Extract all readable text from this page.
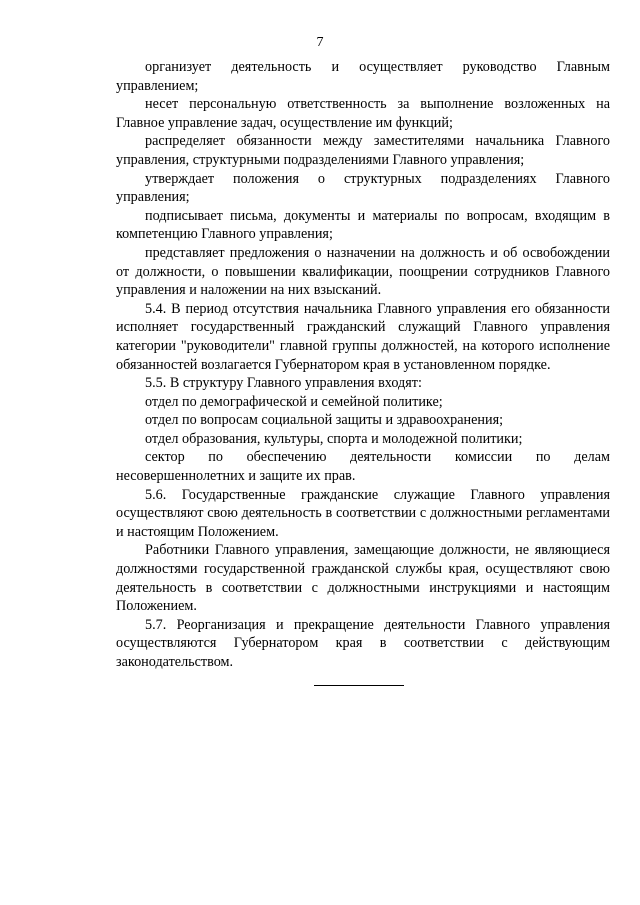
7

организует деятельность и осуществляет руководство Главным управлением;

несет персональную ответственность за выполнение возложенных на Главное управление задач, осуществление им функций;

распределяет обязанности между заместителями начальника Главного управления, структурными подразделениями Главного управления;

утверждает положения о структурных подразделениях Главного управления;

подписывает письма, документы и материалы по вопросам, входящим в компетенцию Главного управления;

представляет предложения о назначении на должность и об освобождении от должности, о повышении квалификации, поощрении сотрудников Главного управления и наложении на них взысканий.

5.4. В период отсутствия начальника Главного управления его обязанности исполняет государственный гражданский служащий Главного управления категории "руководители" главной группы должностей, на которого исполнение обязанностей возлагается Губернатором края в установленном порядке.

5.5. В структуру Главного управления входят:

отдел по демографической и семейной политике;

отдел по вопросам социальной защиты и здравоохранения;

отдел образования, культуры, спорта и молодежной политики;

сектор по обеспечению деятельности комиссии по делам несовершеннолетних и защите их прав.

5.6. Государственные гражданские служащие Главного управления осуществляют свою деятельность в соответствии с должностными регламентами и настоящим Положением.

Работники Главного управления, замещающие должности, не являющиеся должностями государственной гражданской службы края, осуществляют свою деятельность в соответствии с должностными инструкциями и настоящим Положением.

5.7. Реорганизация и прекращение деятельности Главного управления осуществляются Губернатором края в соответствии с действующим законодательством.
